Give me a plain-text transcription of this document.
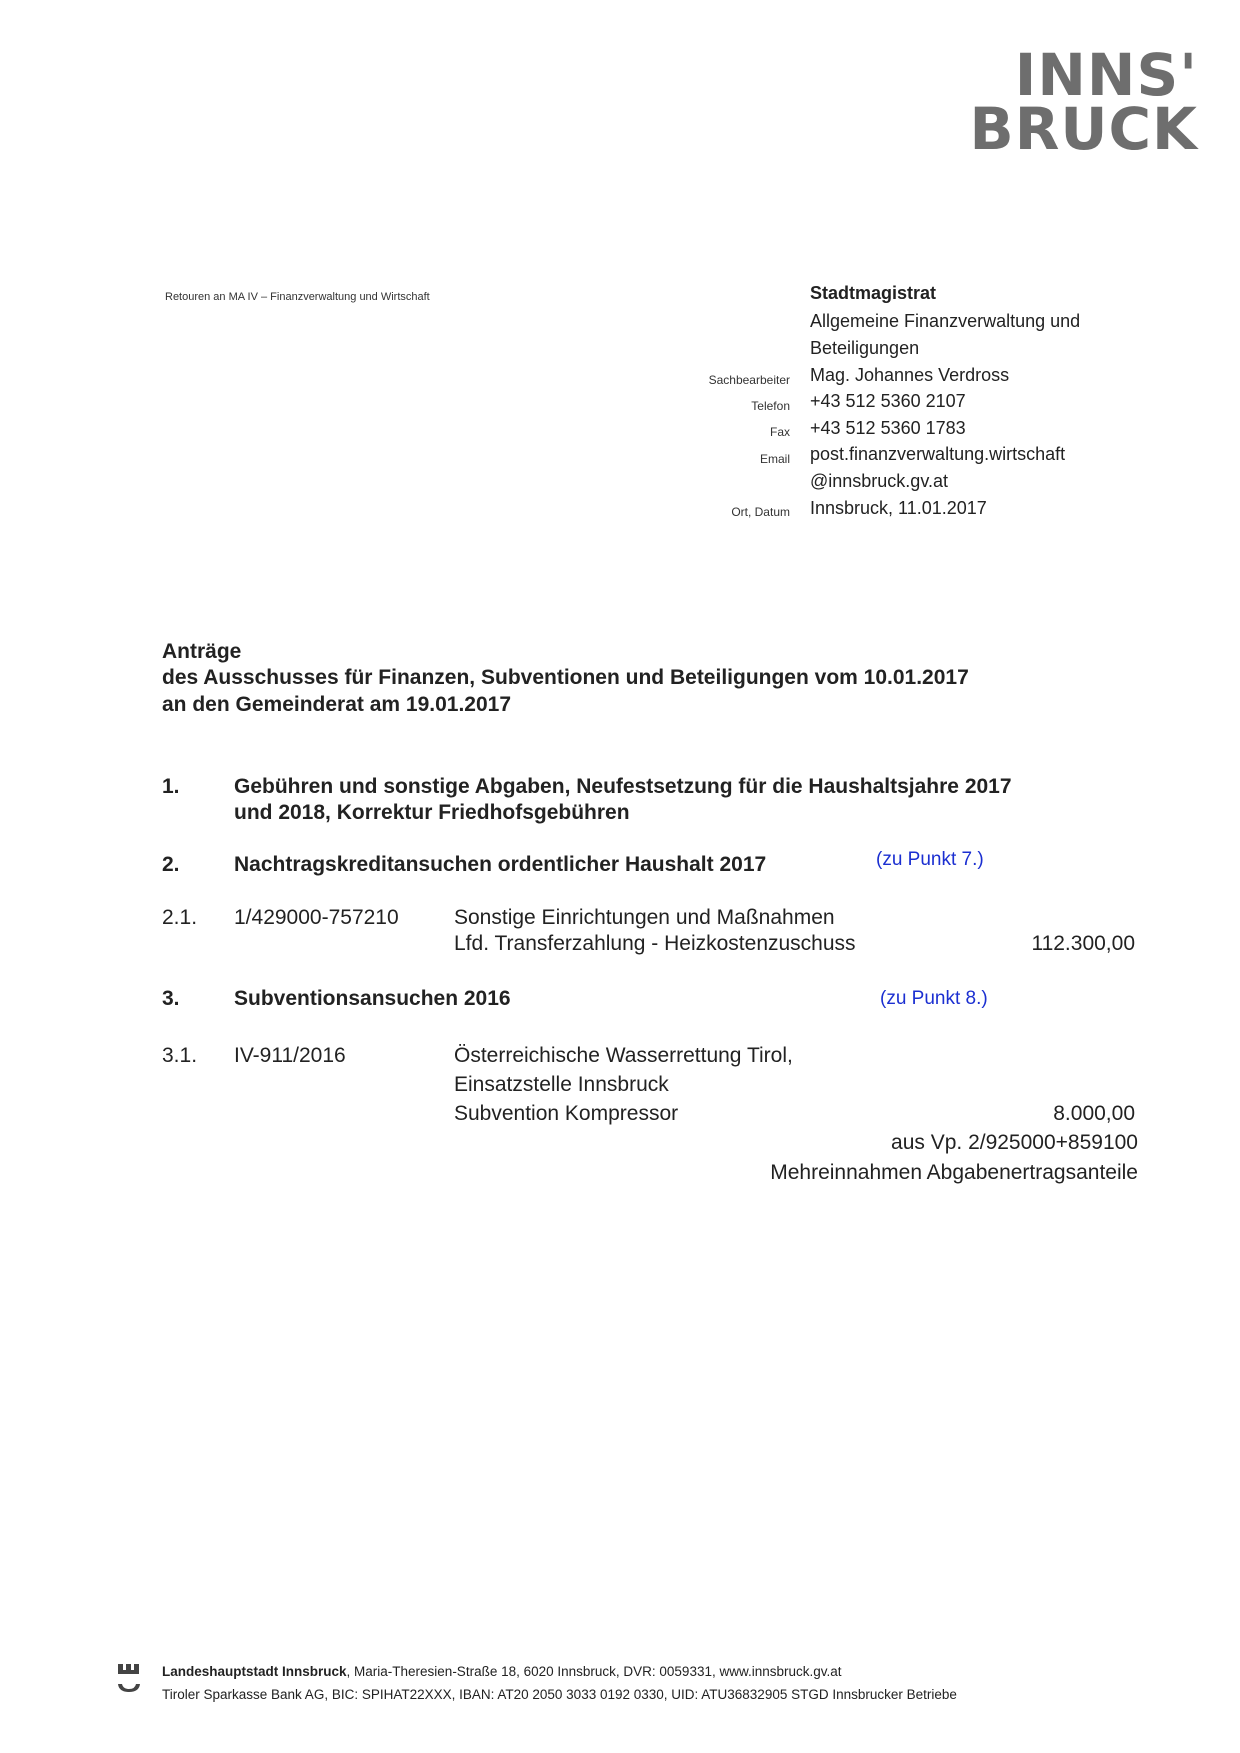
INNS'
BRUCK
Retouren an MA IV – Finanzverwaltung und Wirtschaft	Stadtmagistrat
Allgemeine Finanzverwaltung und
Beteiligungen
Sachbearbeiter Mag. Johannes Verdross
Telefon +43 512 5360 2107
Fax +43 512 5360 1783
Email post.finanzverwaltung.wirtschaft
@innsbruck.gv.at
Ort, Datum Innsbruck, 11.01.2017
Anträge
des Ausschusses für Finanzen, Subventionen und Beteiligungen vom 10.01.2017
an den Gemeinderat am 19.01.2017
1.	Gebühren und sonstige Abgaben, Neufestsetzung für die Haushaltsjahre 2017
und 2018, Korrektur Friedhofsgebühren
2.	Nachtragskreditansuchen ordentlicher Haushalt 2017	(zu Punkt 7.)
2.1. 1/429000-757210	Sonstige Einrichtungen und Maßnahmen
Lfd. Transferzahlung - Heizkostenzuschuss	112.300,00
3.	Subventionsansuchen 2016	(zu Punkt 8.)
3.1. IV-911/2016	Österreichische Wasserrettung Tirol,
Einsatzstelle Innsbruck
Subvention Kompressor	8.000,00
aus Vp. 2/925000+859100
Mehreinnahmen Abgabenertragsanteile
Landeshauptstadt Innsbruck, Maria-Theresien-Straße 18, 6020 Innsbruck, DVR: 0059331, www.innsbruck.gv.at
Tiroler Sparkasse Bank AG, BIC: SPIHAT22XXX, IBAN: AT20 2050 3033 0192 0330, UID: ATU36832905 STGD Innsbrucker Betriebe
